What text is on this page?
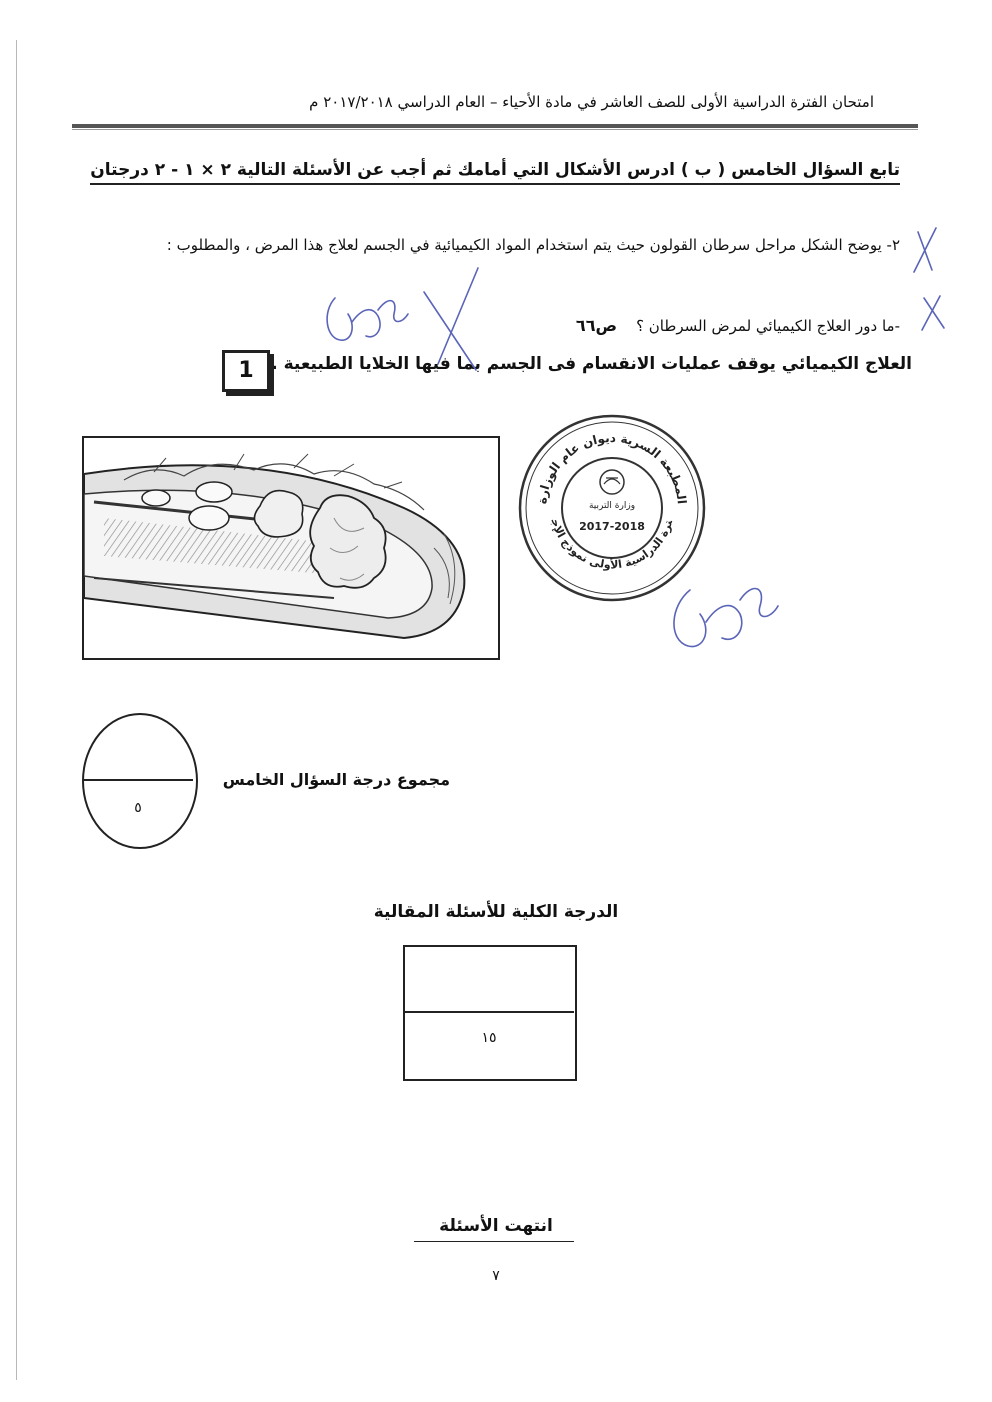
امتحان الفترة الدراسية الأولى للصف العاشر في مادة الأحياء – العام الدراسي ٢٠١٧/٢٠١٨ م
تابع السؤال الخامس ( ب ) ادرس الأشكال التي أمامك ثم أجب عن الأسئلة التالية ٢ × ١ - ٢ درجتان
٢- يوضح الشكل مراحل سرطان القولون حيث يتم استخدام المواد الكيميائية في الجسم لعلاج هذا المرض ، والمطلوب :
-ما دور العلاج الكيميائي لمرض السرطان ؟    ص٦٦
العلاج الكيميائي يوقف عمليات الانقسام فى الجسم بما فيها الخلايا الطبيعية .
1
المطبعة السرية ديوان عام الوزارة
ترة الدراسية الأولى نموذج الإجابة
وزارة التربية
2017-2018
٥
مجموع درجة السؤال الخامس
الدرجة الكلية للأسئلة المقالية
١٥
انتهت الأسئلة
٧
